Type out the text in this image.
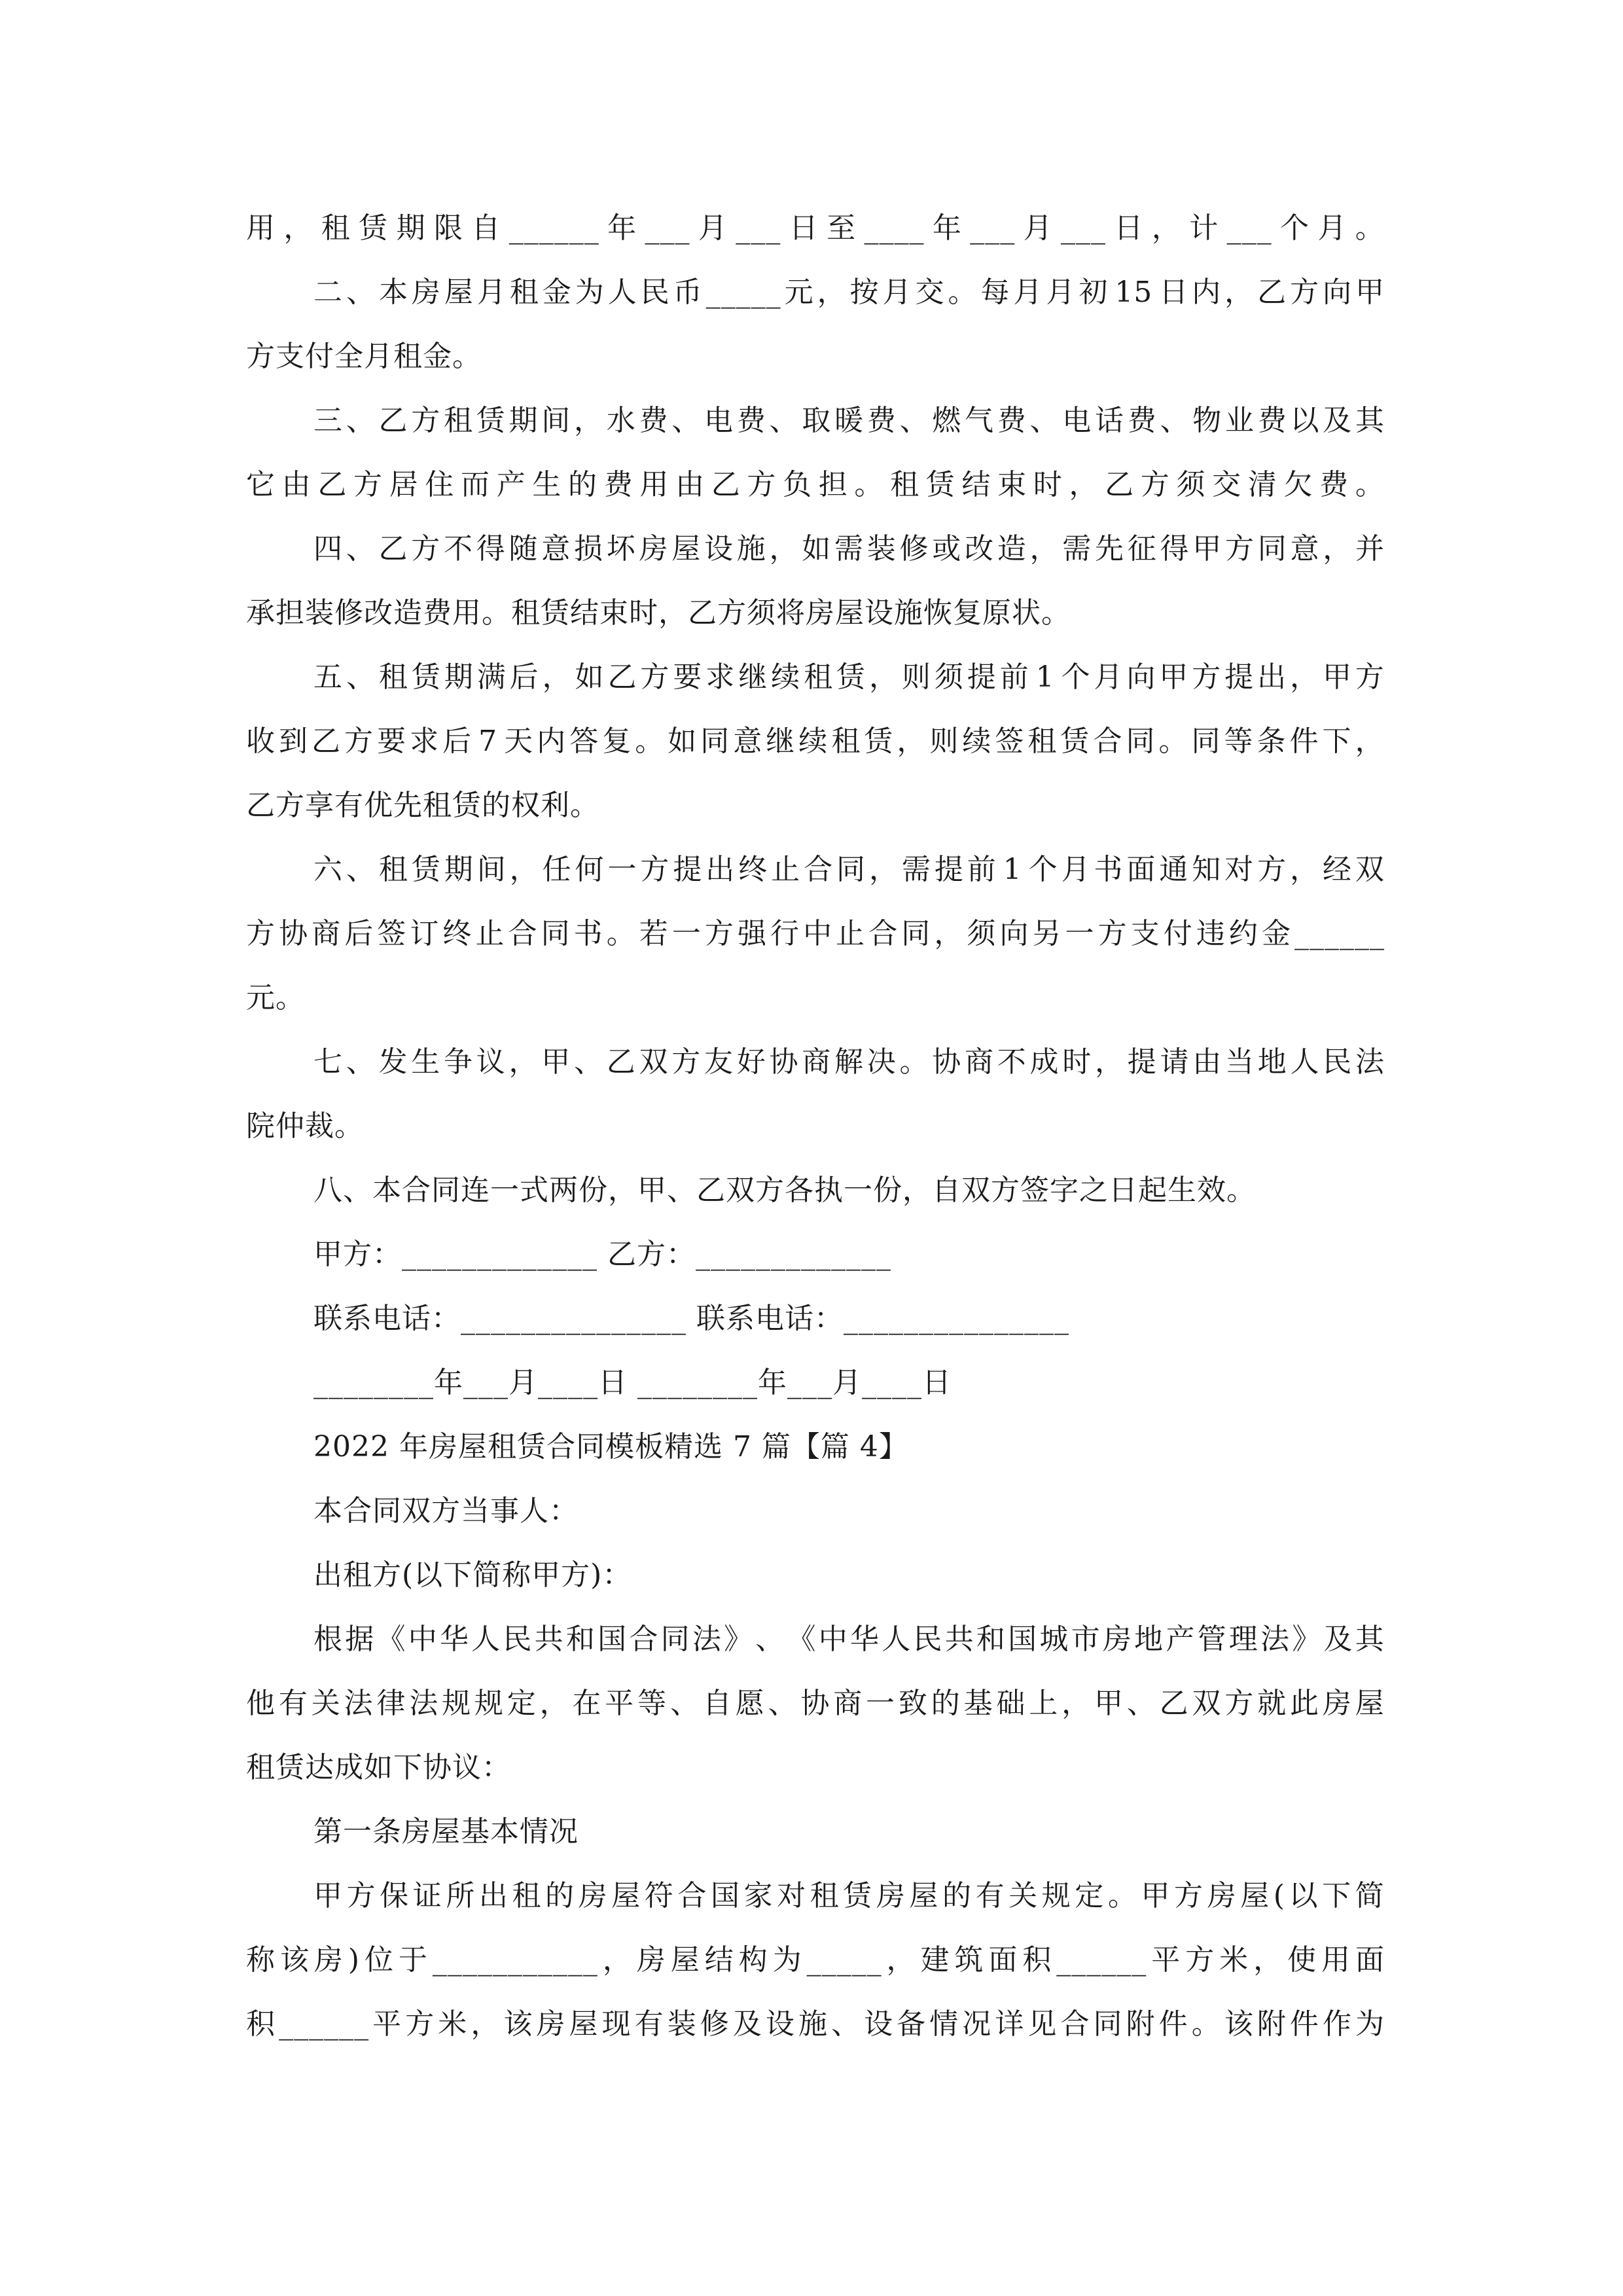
用 ， 租 赁 期 限 自 ______ 年 ___ 月 ___ 日 至 ____ 年 ___ 月 ___ 日 ， 计 ___ 个 月 。
二 、 本 房 屋 月 租 金 为 人 民 币 _____ 元 ， 按 月 交 。 每 月 月 初 15 日 内 ， 乙 方 向 甲
方支付全月租金。
三 、 乙 方 租 赁 期 间 ， 水 费 、 电 费 、 取 暖 费 、 燃 气 费 、 电 话 费 、 物 业 费 以 及 其
它 由 乙 方 居 住 而 产 生 的 费 用 由 乙 方 负 担 。 租 赁 结 束 时 ， 乙 方 须 交 清 欠 费 。
四 、 乙 方 不 得 随 意 损 坏 房 屋 设 施 ， 如 需 装 修 或 改 造 ， 需 先 征 得 甲 方 同 意 ， 并
承担装修改造费用。租赁结束时，乙方须将房屋设施恢复原状。
五 、 租 赁 期 满 后 ， 如 乙 方 要 求 继 续 租 赁 ， 则 须 提 前 1 个 月 向 甲 方 提 出 ， 甲 方
收 到 乙 方 要 求 后 7 天 内 答 复 。 如 同 意 继 续 租 赁 ， 则 续 签 租 赁 合 同 。 同 等 条 件 下 ，
乙方享有优先租赁的权利。
六 、 租 赁 期 间 ， 任 何 一 方 提 出 终 止 合 同 ， 需 提 前 1 个 月 书 面 通 知 对 方 ， 经 双
方 协 商 后 签 订 终 止 合 同 书 。 若 一 方 强 行 中 止 合 同 ， 须 向 另 一 方 支 付 违 约 金 ______
元。
七 、 发 生 争 议 ， 甲 、 乙 双 方 友 好 协 商 解 决 。 协 商 不 成 时 ， 提 请 由 当 地 人 民 法
院仲裁。
八、本合同连一式两份，甲、乙双方各执一份，自双方签字之日起生效。
甲方：_____________ 乙方：_____________
联系电话：_______________ 联系电话：_______________
________年___月____日 ________年___月____日
2022 年房屋租赁合同模板精选 7 篇【篇 4】
本合同双方当事人：
出租方(以下简称甲方)：
根 据 《 中 华 人 民 共 和 国 合 同 法 》 、 《 中 华 人 民 共 和 国 城 市 房 地 产 管 理 法 》 及 其
他 有 关 法 律 法 规 规 定 ， 在 平 等 、 自 愿 、 协 商 一 致 的 基 础 上 ， 甲 、 乙 双 方 就 此 房 屋
租赁达成如下协议：
第一条房屋基本情况
甲 方 保 证 所 出 租 的 房 屋 符 合 国 家 对 租 赁 房 屋 的 有 关 规 定 。 甲 方 房 屋 ( 以 下 简
称 该 房 ) 位 于 ___________ ， 房 屋 结 构 为 _____ ， 建 筑 面 积 ______ 平 方 米 ， 使 用 面
积 ______ 平 方 米 ， 该 房 屋 现 有 装 修 及 设 施 、 设 备 情 况 详 见 合 同 附 件 。 该 附 件 作 为
